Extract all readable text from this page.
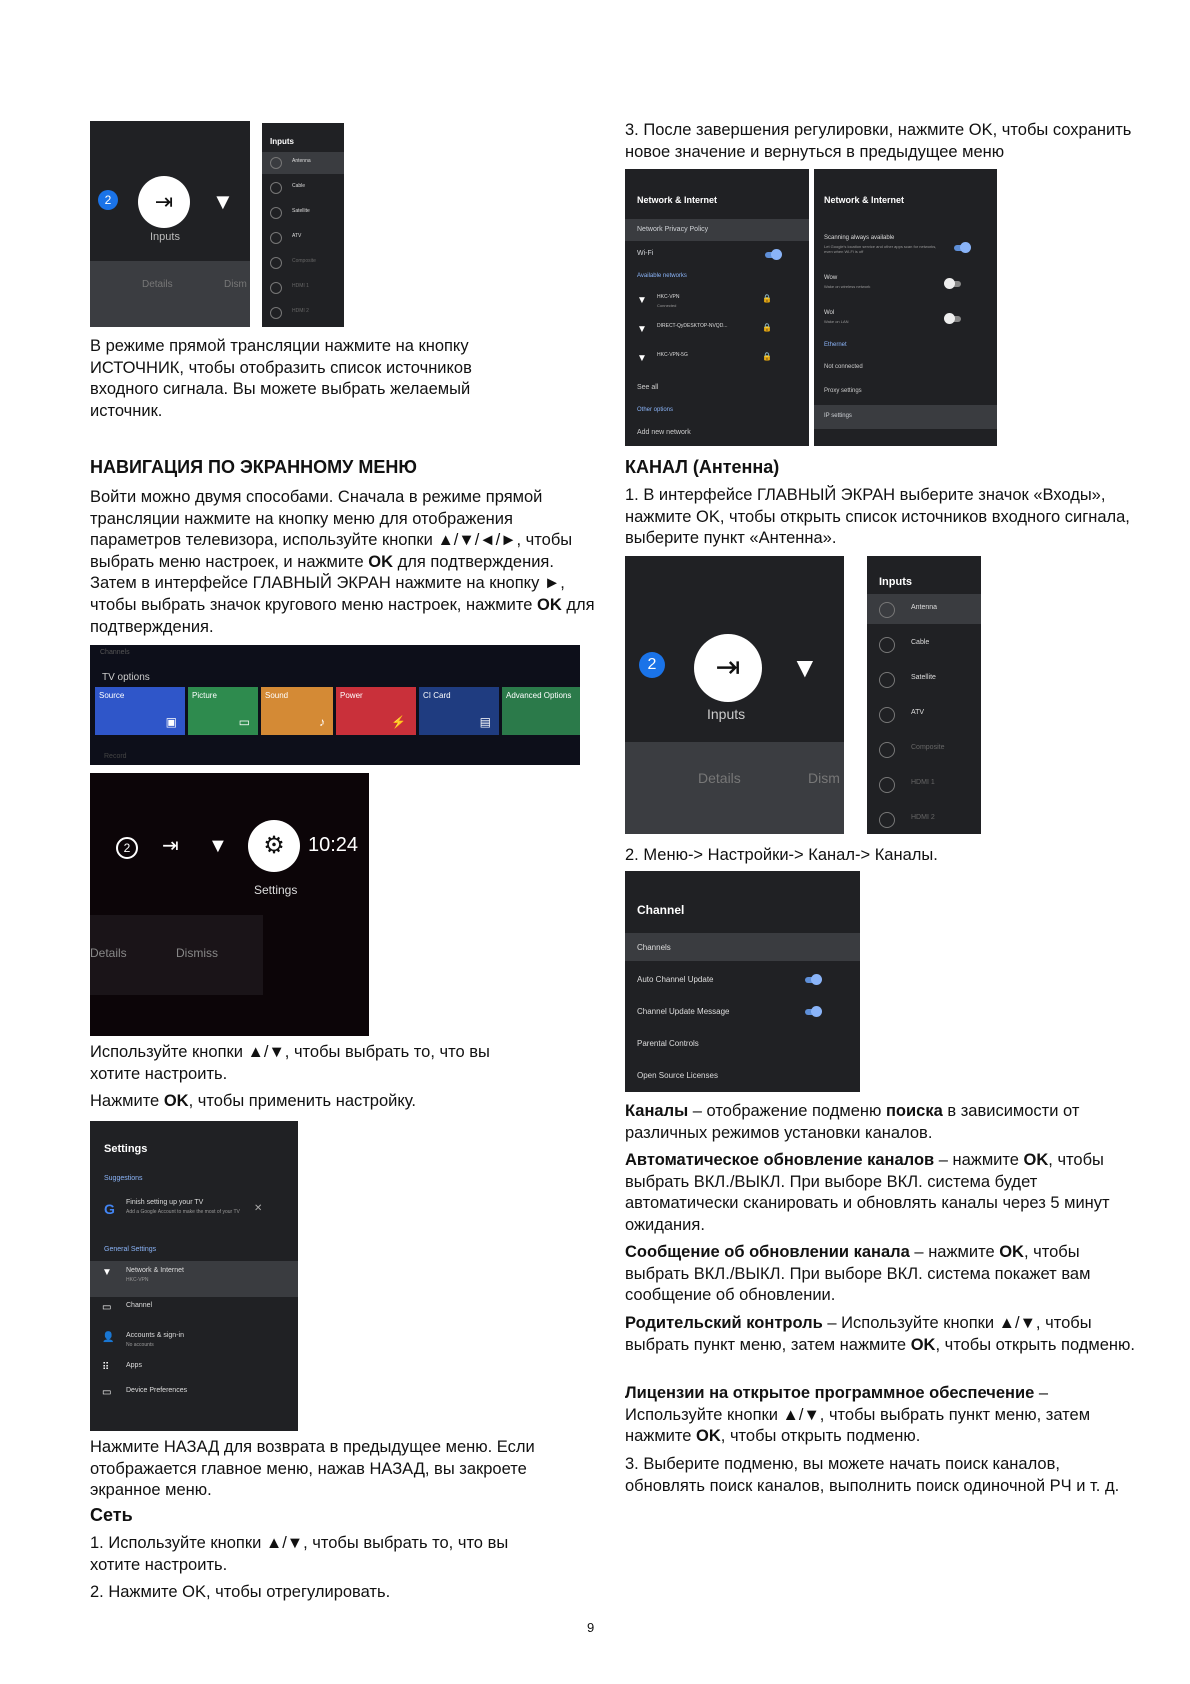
2	⇥	▼
Inputs
Details	Dism
Inputs
Antenna
Cable
Satellite
ATV
Composite
HDMI 1
HDMI 2
В режиме прямой трансляции нажмите на кнопку ИСТОЧНИК, чтобы отобразить список источников входного сигнала. Вы можете выбрать желаемый источник.
НАВИГАЦИЯ ПО ЭКРАННОМУ МЕНЮ
Войти можно двумя способами. Сначала в режиме прямой трансляции нажмите на кнопку меню для отображения параметров телевизора, используйте кнопки ▲/▼/◄/►, чтобы выбрать меню настроек, и нажмите OK для подтверждения. Затем в интерфейсе ГЛАВНЫЙ ЭКРАН нажмите на кнопку ►, чтобы выбрать значок кругового меню настроек, нажмите OK для подтверждения.
Channels
TV options
Source
▣
Picture
▭
Sound
♪
Power
⚡
CI Card
▤
Advanced Options
Record
2	⇥ ▼	⚙	10:24
Settings
Details	Dismiss
Используйте кнопки ▲/▼, чтобы выбрать то, что вы хотите настроить.
Нажмите OK, чтобы применить настройку.
Settings
Suggestions
G Finish setting up your TV
Add a Google Account to make the most of your TV	✕
General Settings
▼ Network & Internet
HKC-VPN
▭ Channel
👤 Accounts & sign-in
No accounts
⠿ Apps
▭ Device Preferences
Нажмите НАЗАД для возврата в предыдущее меню. Если отображается главное меню, нажав НАЗАД, вы закроете экранное меню.
Сеть
1. Используйте кнопки ▲/▼, чтобы выбрать то, что вы хотите настроить.
2. Нажмите OK, чтобы отрегулировать.
9
3. После завершения регулировки, нажмите OK, чтобы сохранить новое значение и вернуться в предыдущее меню
Network & Internet
Network Privacy Policy
Wi-Fi
Available networks
▼ HKC-VPN
Connected
🔒
▼ DIRECT-QyDESKTOP-NVQD...	🔒
▼ HKC-VPN-5G	🔒
See all
Other options
Add new network
Network & Internet
Scanning always available
Let Google's location service and other apps scan for networks, even when Wi-Fi is off
Wow
Wake on wireless network
Wol
Wake on LAN
Ethernet
Not connected
Proxy settings
IP settings
КАНАЛ (Антенна)
1. В интерфейсе ГЛАВНЫЙ ЭКРАН выберите значок «Входы», нажмите OK, чтобы открыть список источников входного сигнала, выберите пункт «Антенна».
2	⇥	▼
Inputs
Details	Dism
Inputs
Antenna
Cable
Satellite
ATV
Composite
HDMI 1
HDMI 2
2. Меню-> Настройки-> Канал-> Каналы.
Channel
Channels
Auto Channel Update
Channel Update Message
Parental Controls
Open Source Licenses
Каналы – отображение подменю поиска в зависимости от различных режимов установки каналов.
Автоматическое обновление каналов – нажмите OK, чтобы выбрать ВКЛ./ВЫКЛ. При выборе ВКЛ. система будет автоматически сканировать и обновлять каналы через 5 минут ожидания.
Сообщение об обновлении канала – нажмите OK, чтобы выбрать ВКЛ./ВЫКЛ. При выборе ВКЛ. система покажет вам сообщение об обновлении.
Родительский контроль – Используйте кнопки ▲/▼, чтобы выбрать пункт меню, затем нажмите OK, чтобы открыть подменю.
Лицензии на открытое программное обеспечение – Используйте кнопки ▲/▼, чтобы выбрать пункт меню, затем нажмите OK, чтобы открыть подменю.
3. Выберите подменю, вы можете начать поиск каналов, обновлять поиск каналов, выполнить поиск одиночной РЧ и т. д.
